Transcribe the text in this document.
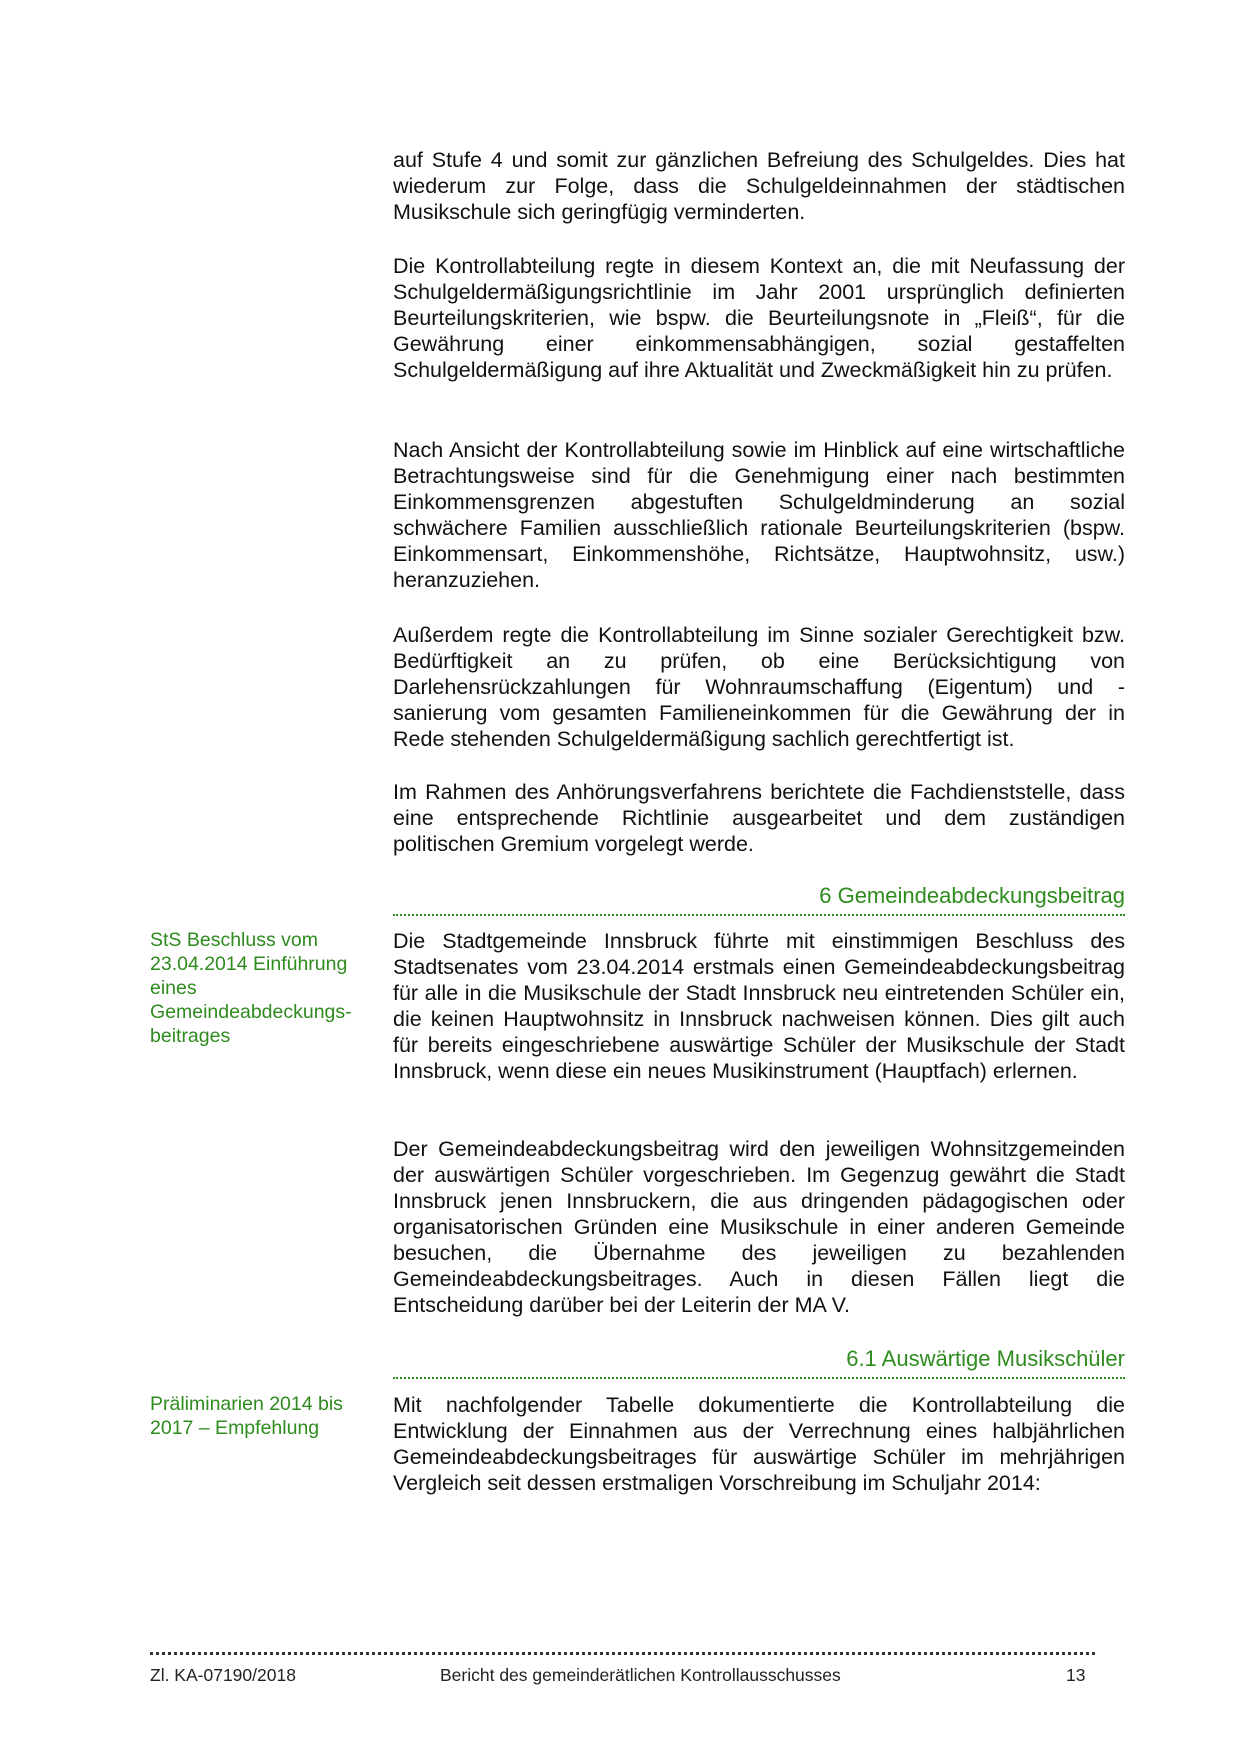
auf Stufe 4 und somit zur gänzlichen Befreiung des Schulgeldes. Dies hat wiederum zur Folge, dass die Schulgeldeinnahmen der städtischen Musikschule sich geringfügig verminderten.

Die Kontrollabteilung regte in diesem Kontext an, die mit Neufassung der Schulgeldermäßigungsrichtlinie im Jahr 2001 ursprünglich definierten Beurteilungskriterien, wie bspw. die Beurteilungsnote in „Fleiß“, für die Gewährung einer einkommensabhängigen, sozial gestaffelten Schulgeldermäßigung auf ihre Aktualität und Zweckmäßigkeit hin zu prüfen.

Nach Ansicht der Kontrollabteilung sowie im Hinblick auf eine wirtschaftliche Betrachtungsweise sind für die Genehmigung einer nach bestimmten Einkommensgrenzen abgestuften Schulgeldminderung an sozial schwächere Familien ausschließlich rationale Beurteilungskriterien (bspw. Einkommensart, Einkommenshöhe, Richtsätze, Hauptwohnsitz, usw.) heranzuziehen.

Außerdem regte die Kontrollabteilung im Sinne sozialer Gerechtigkeit bzw. Bedürftigkeit an zu prüfen, ob eine Berücksichtigung von Darlehensrückzahlungen für Wohnraumschaffung (Eigentum) und -sanierung vom gesamten Familieneinkommen für die Gewährung der in Rede stehenden Schulgeldermäßigung sachlich gerechtfertigt ist.

Im Rahmen des Anhörungsverfahrens berichtete die Fachdienststelle, dass eine entsprechende Richtlinie ausgearbeitet und dem zuständigen politischen Gremium vorgelegt werde.

6 Gemeindeabdeckungsbeitrag

StS Beschluss vom 23.04.2014 Einführung eines Gemeindeabdeckungs-beitrages

Die Stadtgemeinde Innsbruck führte mit einstimmigen Beschluss des Stadtsenates vom 23.04.2014 erstmals einen Gemeindeabdeckungsbeitrag für alle in die Musikschule der Stadt Innsbruck neu eintretenden Schüler ein, die keinen Hauptwohnsitz in Innsbruck nachweisen können. Dies gilt auch für bereits eingeschriebene auswärtige Schüler der Musikschule der Stadt Innsbruck, wenn diese ein neues Musikinstrument (Hauptfach) erlernen.

Der Gemeindeabdeckungsbeitrag wird den jeweiligen Wohnsitzgemeinden der auswärtigen Schüler vorgeschrieben. Im Gegenzug gewährt die Stadt Innsbruck jenen Innsbruckern, die aus dringenden pädagogischen oder organisatorischen Gründen eine Musikschule in einer anderen Gemeinde besuchen, die Übernahme des jeweiligen zu bezahlenden Gemeindeabdeckungsbeitrages. Auch in diesen Fällen liegt die Entscheidung darüber bei der Leiterin der MA V.

6.1 Auswärtige Musikschüler

Präliminarien 2014 bis 2017 – Empfehlung

Mit nachfolgender Tabelle dokumentierte die Kontrollabteilung die Entwicklung der Einnahmen aus der Verrechnung eines halbjährlichen Gemeindeabdeckungsbeitrages für auswärtige Schüler im mehrjährigen Vergleich seit dessen erstmaligen Vorschreibung im Schuljahr 2014:

Zl. KA-07190/2018	Bericht des gemeinderätlichen Kontrollausschusses	13
